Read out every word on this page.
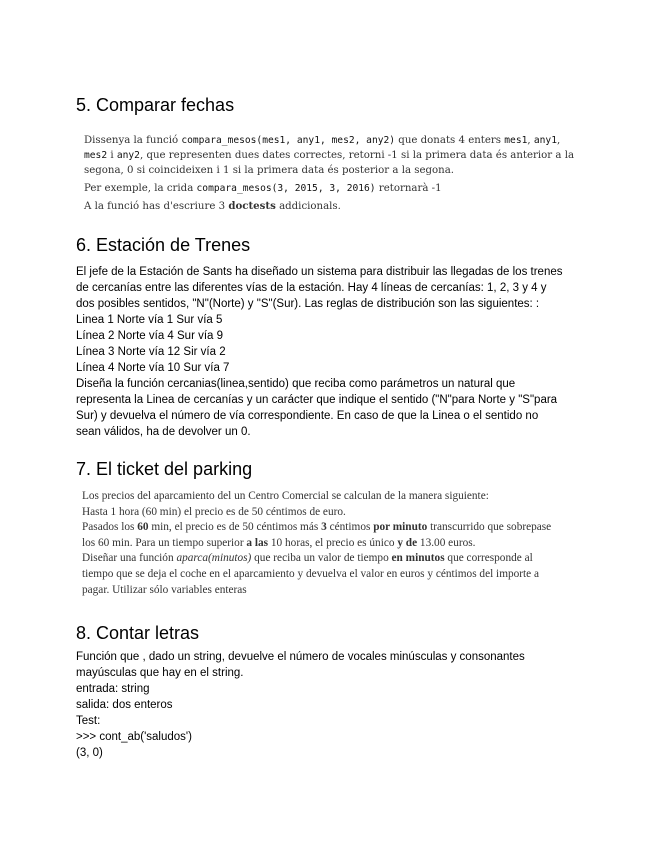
5. Comparar fechas

Dissenya la funció compara_mesos(mes1, any1, mes2, any2) que donats 4 enters mes1, any1,

mes2 i any2, que representen dues dates correctes, retorni -1 si la primera data és anterior a la

segona, 0 si coincideixen i 1 si la primera data és posterior a la segona.

Per exemple, la crida compara_mesos(3, 2015, 3, 2016) retornarà -1

A la funció has d'escriure 3 doctests addicionals.

6. Estación de Trenes

El jefe de la Estación de Sants ha diseñado un sistema para distribuir las llegadas de los trenes

de cercanías entre las diferentes vías de la estación. Hay 4 líneas de cercanías: 1, 2, 3 y 4 y

dos posibles sentidos, "N"(Norte) y "S"(Sur). Las reglas de distribución son las siguientes: :

Linea 1 Norte vía 1 Sur vía 5

Línea 2 Norte vía 4 Sur vía 9

Línea 3 Norte vía 12 Sir vía 2

Línea 4 Norte vía 10 Sur vía 7

Diseña la función cercanias(linea,sentido) que reciba como parámetros un natural que

representa la Linea de cercanías y un carácter que indique el sentido ("N"para Norte y "S"para

Sur) y devuelva el número de vía correspondiente. En caso de que la Linea o el sentido no

sean válidos, ha de devolver un 0.

7. El ticket del parking

Los precios del aparcamiento del un Centro Comercial se calculan de la manera siguiente:

Hasta 1 hora (60 min) el precio es de 50 céntimos de euro.

Pasados los 60 min, el precio es de 50 céntimos más 3 céntimos por minuto transcurrido que sobrepase

los 60 min. Para un tiempo superior a las 10 horas, el precio es único y de 13.00 euros.

Diseñar una función aparca(minutos) que reciba un valor de tiempo en minutos que corresponde al

tiempo que se deja el coche en el aparcamiento y devuelva el valor en euros y céntimos del importe a

pagar. Utilizar sólo variables enteras

8. Contar letras

Función que , dado un string, devuelve el número de vocales minúsculas y consonantes

mayúsculas que hay en el string.

entrada: string

salida: dos enteros

Test:

>>> cont_ab('saludos')

(3, 0)
